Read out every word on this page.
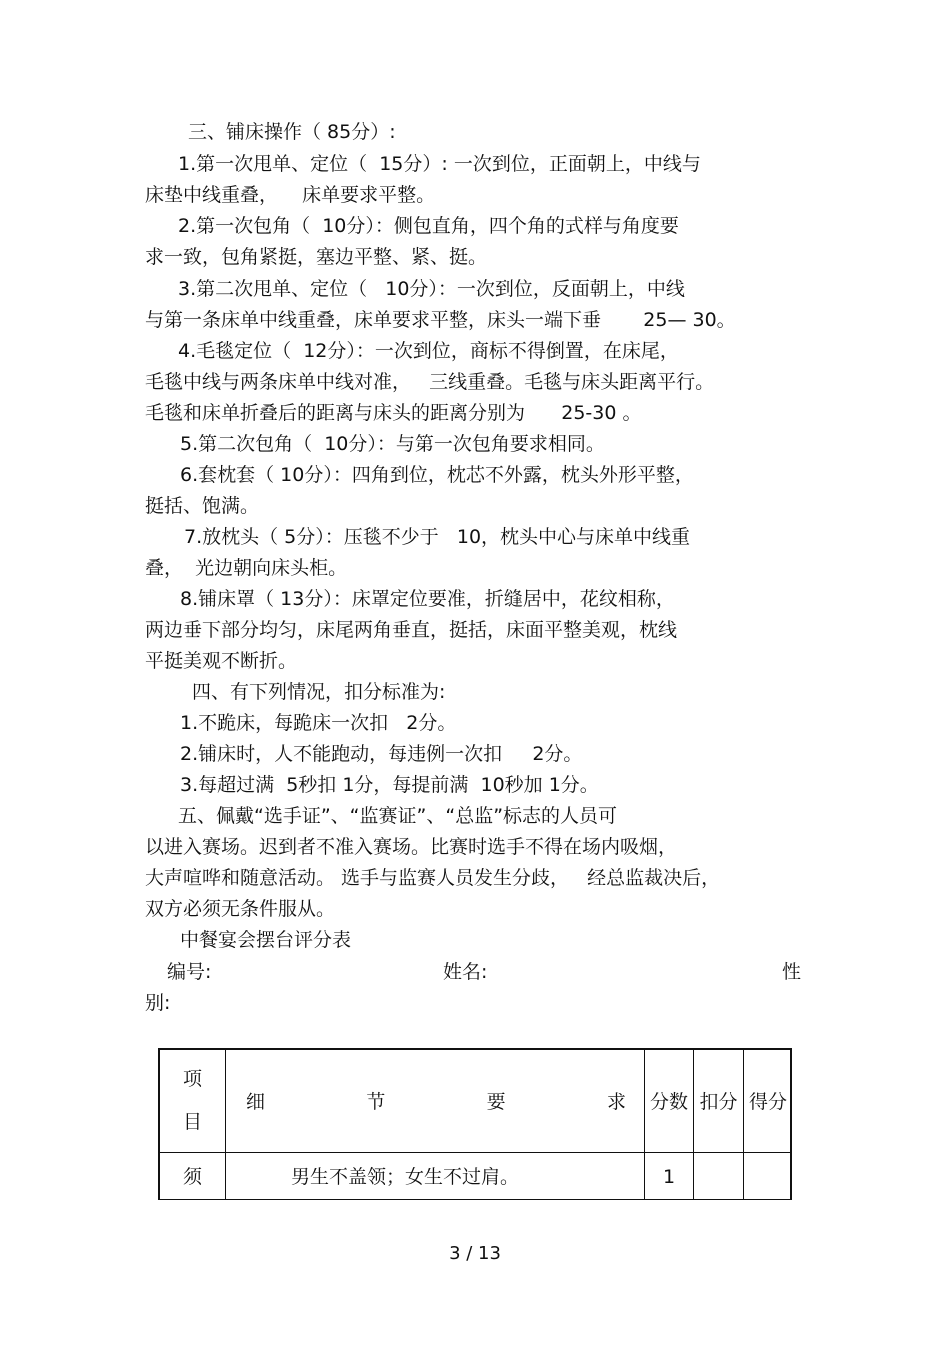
三、铺床操作（ 85分）:
1.第一次甩单、定位（  15分）: 一次到位，正面朝上，中线与
床垫中线重叠，    床单要求平整。
2.第一次包角（  10分）：侧包直角，四个角的式样与角度要
求一致，包角紧挺，塞边平整、紧、挺。
3.第二次甩单、定位（   10分）：一次到位，反面朝上，中线
与第一条床单中线重叠，床单要求平整，床头一端下垂       25— 30。
4.毛毯定位（  12分）：一次到位，商标不得倒置，在床尾，
毛毯中线与两条床单中线对准，   三线重叠。毛毯与床头距离平行。
毛毯和床单折叠后的距离与床头的距离分别为      25-30 。
5.第二次包角（  10分）：与第一次包角要求相同。
6.套枕套（ 10分）：四角到位，枕芯不外露，枕头外形平整，
挺括、饱满。
7.放枕头（ 5分）：压毯不少于   10，枕头中心与床单中线重
叠，  光边朝向床头柜。
8.铺床罩（ 13分）：床罩定位要准，折缝居中，花纹相称，
两边垂下部分均匀，床尾两角垂直，挺括，床面平整美观，枕线
平挺美观不断折。
四、有下列情况，扣分标准为:
1.不跪床，每跪床一次扣   2分。
2.铺床时，人不能跑动，每违例一次扣     2分。
3.每超过满  5秒扣 1分，每提前满  10秒加 1分。
五、佩戴“选手证”、“监赛证”、“总监”标志的人员可
以进入赛场。迟到者不准入赛场。比赛时选手不得在场内吸烟，
大声喧哗和随意活动。 选手与监赛人员发生分歧，   经总监裁决后，
双方必须无条件服从。
中餐宴会摆台评分表
编号:	姓名:	性
别:
项
目
细	节	要	求 分数 扣分 得分
须	男生不盖领；女生不过肩。	1
3 / 13
